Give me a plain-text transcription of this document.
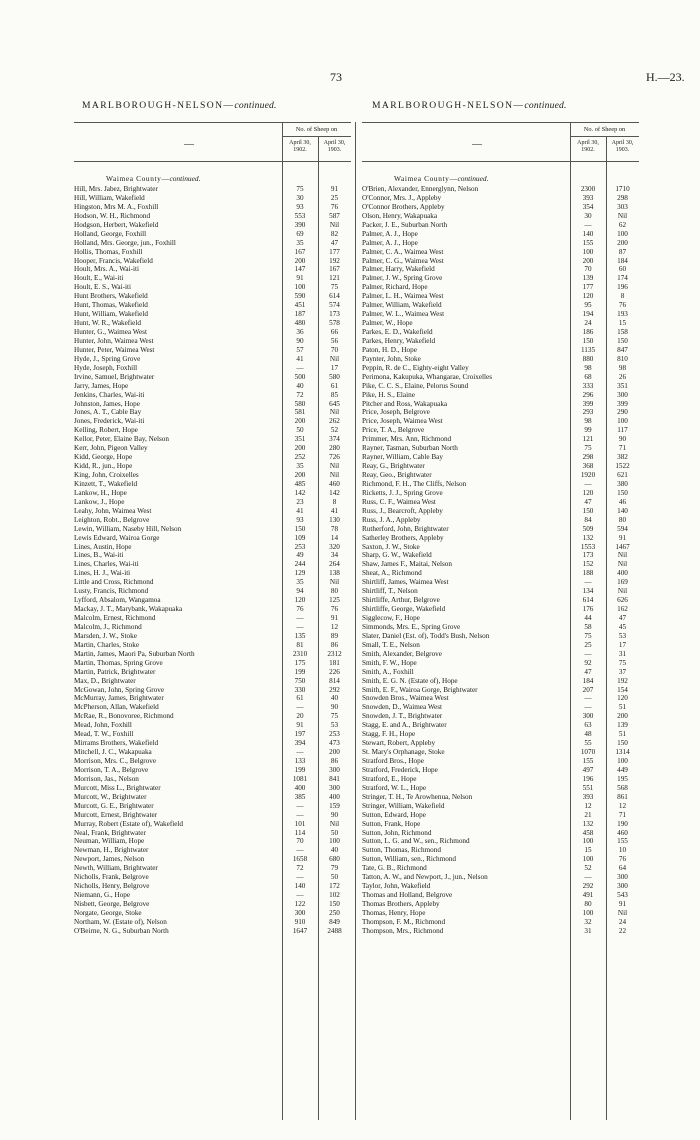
73	H.—23.
MARLBOROUGH-NELSON—continued.	MARLBOROUGH-NELSON—continued.
—
No. of Sheep on
April 30, 1902.
April 30, 1903.
Waimea County—continued.
Hill, Mrs. Jabez, Brightwater	75	91
Hill, William, Wakefield	30	25
Hingston, Mrs M. A., Foxhill	93	76
Hodson, W. H., Richmond	553	587
Hodgson, Herbert, Wakefield	390	Nil
Holland, George, Foxhill	69	82
Holland, Mrs. George, jun., Foxhill	35	47
Hollis, Thomas, Foxhill	167	177
Hooper, Francis, Wakefield	200	192
Hoult, Mrs. A., Wai-iti	147	167
Hoult, E., Wai-iti	91	121
Hoult, E. S., Wai-iti	100	75
Hunt Brothers, Wakefield	590	614
Hunt, Thomas, Wakefield	451	574
Hunt, William, Wakefield	187	173
Hunt, W. R., Wakefield	480	578
Hunter, G., Waimea West	36	66
Hunter, John, Waimea West	90	56
Hunter, Peter, Waimea West	57	70
Hyde, J., Spring Grove	41	Nil
Hyde, Joseph, Foxhill	—	17
Irvine, Samuel, Brightwater	500	580
Jarry, James, Hope	40	61
Jenkins, Charles, Wai-iti	72	85
Johnston, James, Hope	580	645
Jones, A. T., Cable Bay	581	Nil
Jones, Frederick, Wai-iti	200	262
Kelling, Robert, Hope	50	52
Kellor, Peter, Elaine Bay, Nelson	351	374
Kerr, John, Pigeon Valley	200	280
Kidd, George, Hope	252	726
Kidd, R., jun., Hope	35	Nil
King, John, Croixelles	200	Nil
Kinzett, T., Wakefield	485	460
Lankow, H., Hope	142	142
Lankow, J., Hope	23	8
Leahy, John, Waimea West	41	41
Leighton, Robt., Belgrove	93	130
Lewin, William, Naseby Hill, Nelson	150	78
Lewis Edward, Wairoa Gorge	109	14
Lines, Austin, Hope	253	320
Lines, B., Wai-iti	49	34
Lines, Charles, Wai-iti	244	264
Lines, H. J., Wai-iti	129	138
Little and Cross, Richmond	35	Nil
Lusty, Francis, Richmond	94	80
Lyfford, Absalom, Wangamoa	120	125
Mackay, J. T., Marybank, Wakapuaka	76	76
Malcolm, Ernest, Richmond	—	91
Malcolm, J., Richmond	—	12
Marsden, J. W., Stoke	135	89
Martin, Charles, Stoke	81	86
Martin, James, Maori Pa, Suburban North	2310	2312
Martin, Thomas, Spring Grove	175	181
Martin, Patrick, Brightwater	199	226
Max, D., Brightwater	750	814
McGowan, John, Spring Grove	330	292
McMurray, James, Brightwater	61	40
McPherson, Allan, Wakefield	—	90
McRae, R., Bonovoree, Richmond	20	75
Mead, John, Foxhill	91	53
Mead, T. W., Foxhill	197	253
Mirrams Brothers, Wakefield	394	473
Mitchell, J. C., Wakapuaka	—	200
Morrison, Mrs. C., Belgrove	133	86
Morrison, T. A., Belgrove	199	300
Morrison, Jas., Nelson	1081	841
Murcott, Miss L., Brightwater	400	300
Murcott, W., Brightwater	385	400
Murcott, G. E., Brightwater	—	159
Murcott, Ernest, Brightwater	—	90
Murray, Robert (Estate of), Wakefield	101	Nil
Neal, Frank, Brightwater	114	50
Neuman, William, Hope	70	100
Newman, H., Brightwater	—	40
Newport, James, Nelson	1658	680
Newth, William, Brightwater	72	79
Nicholls, Frank, Belgrove	—	50
Nicholls, Henry, Belgrove	140	172
Niemann, G., Hope	—	102
Nisbett, George, Belgrove	122	150
Norgate, George, Stoke	300	250
Northam, W. (Estate of), Nelson	910	849
O'Beirne, N. G., Suburban North	1647	2488
—
No. of Sheep on
April 30, 1902.
April 30, 1903.
Waimea County—continued.
O'Brien, Alexander, Ennerglynn, Nelson	2300	1710
O'Connor, Mrs. J., Appleby	393	298
O'Connor Brothers, Appleby	354	303
Olson, Henry, Wakapuaka	30	Nil
Packer, J. E., Suburban North	—	62
Palmer, A. J., Hope	140	100
Palmer, A. J., Hope	155	200
Palmer, C. A., Waimea West	100	87
Palmer, C. G., Waimea West	200	184
Palmer, Harry, Wakefield	70	60
Palmer, J. W., Spring Grove	139	174
Palmer, Richard, Hope	177	196
Palmer, L. H., Waimea West	120	8
Palmer, William, Wakefield	95	76
Palmer, W. L., Waimea West	194	193
Palmer, W., Hope	24	15
Parkes, E. D., Wakefield	186	158
Parkes, Henry, Wakefield	150	150
Paton, H. D., Hope	1135	847
Paynter, John, Stoke	880	810
Peppin, R. de C., Eighty-eight Valley	98	98
Perimona, Kakupuka, Whangarae, Croixelles	68	26
Pike, C. C. S., Elaine, Pelorus Sound	333	351
Pike, H. S., Elaine	296	300
Pitcher and Ross, Wakapuaka	399	399
Price, Joseph, Belgrove	293	290
Price, Joseph, Waimea West	98	100
Price, T. A., Belgrove	99	117
Primmer, Mrs. Ann, Richmond	121	90
Rayner, Tasman, Suburban North	75	71
Rayner, William, Cable Bay	298	382
Reay, G., Brightwater	368	1522
Reay, Geo., Brightwater	1920	621
Richmond, F. H., The Cliffs, Nelson	—	380
Ricketts, J. J., Spring Grove	120	150
Russ, C. F., Waimea West	47	46
Russ, J., Bearcroft, Appleby	150	140
Russ, J. A., Appleby	84	80
Rutherford, John, Brightwater	509	594
Satherley Brothers, Appleby	132	91
Saxton, J. W., Stoke	1553	1467
Sharp, G. W., Wakefield	173	Nil
Shaw, James F., Maitai, Nelson	152	Nil
Sheat, A., Richmond	188	400
Shirtliff, James, Waimea West	—	169
Shirtliff, T., Nelson	134	Nil
Shirtliffe, Arthur, Belgrove	614	626
Shirtliffe, George, Wakefield	176	162
Sigglecow, F., Hope	44	47
Simmonds, Mrs. E., Spring Grove	58	45
Slater, Daniel (Est. of), Todd's Bush, Nelson	75	53
Small, T. E., Nelson	25	17
Smith, Alexander, Belgrove	—	31
Smith, F. W., Hope	92	75
Smith, A., Foxhill	47	37
Smith, E. G. N. (Estate of), Hope	184	192
Smith, E. F., Wairoa Gorge, Brightwater	207	154
Snowden Bros., Waimea West	—	120
Snowden, D., Waimea West	—	51
Snowden, J. T., Brightwater	300	200
Stagg, E. and A., Brightwater	63	139
Stagg, F. H., Hope	48	51
Stewart, Robert, Appleby	55	150
St. Mary's Orphanage, Stoke	1070	1314
Stratford Bros., Hope	155	100
Stratford, Frederick, Hope	497	449
Stratford, E., Hope	196	195
Stratford, W. L., Hope	551	568
Stringer, T. H., Te Arowhenua, Nelson	393	861
Stringer, William, Wakefield	12	12
Sutton, Edward, Hope	21	71
Sutton, Frank, Hope	132	190
Sutton, John, Richmond	458	460
Sutton, L. G. and W., sen., Richmond	100	155
Sutton, Thomas, Richmond	15	10
Sutton, William, sen., Richmond	100	76
Tate, G. B., Richmond	52	64
Tatton, A. W., and Newport, J., jun., Nelson	—	300
Taylor, John, Wakefield	292	300
Thomas and Holland, Belgrove	491	543
Thomas Brothers, Appleby	80	91
Thomas, Henry, Hope	100	Nil
Thompson, F. M., Richmond	32	24
Thompson, Mrs., Richmond	31	22
